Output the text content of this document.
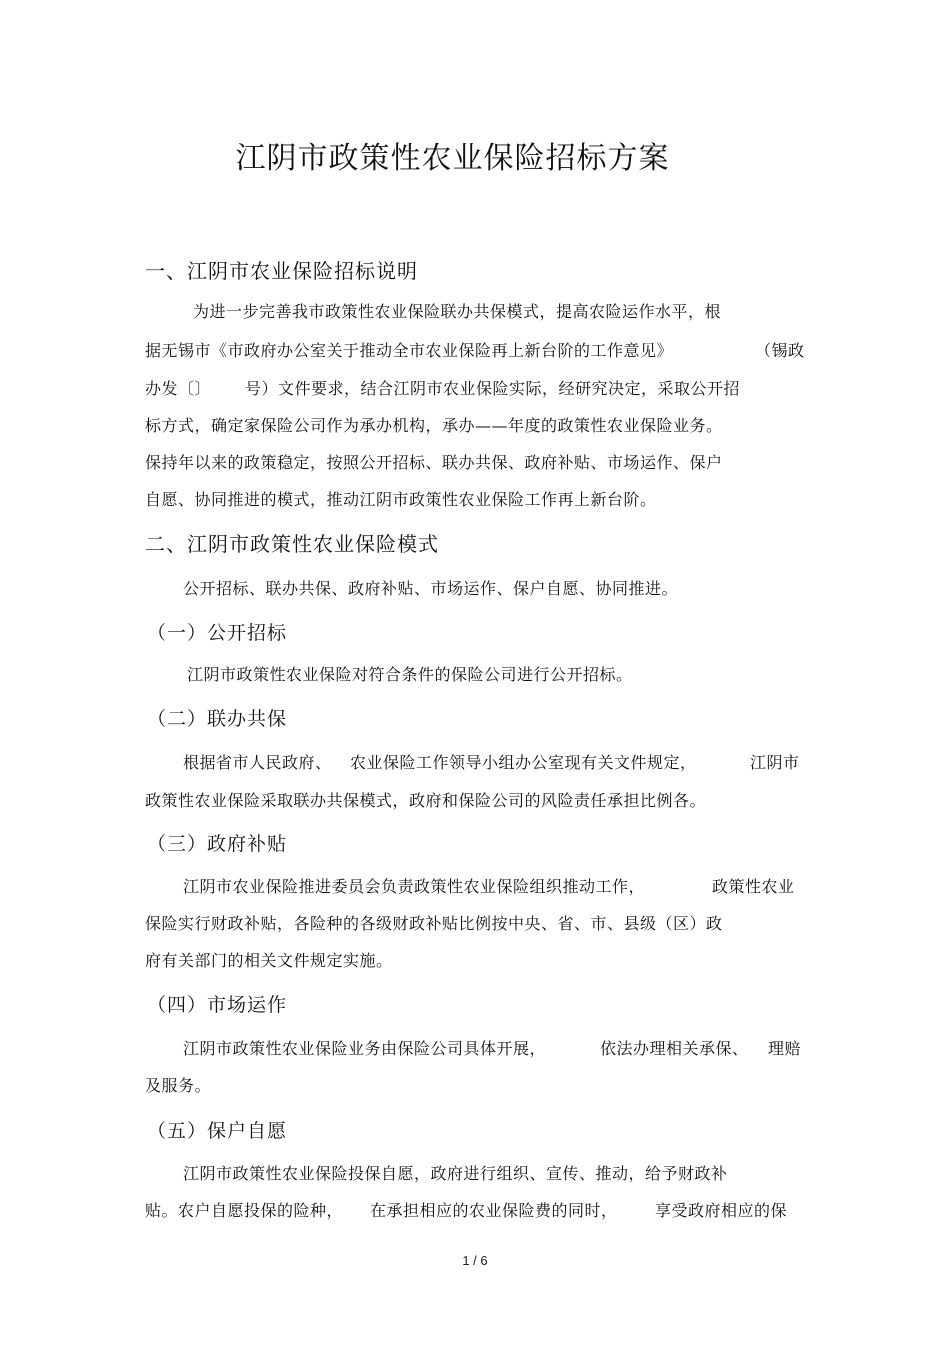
江阴市政策性农业保险招标方案
一、江阴市农业保险招标说明
为进一步完善我市政策性农业保险联办共保模式，提高农险运作水平，根
据无锡市《市政府办公室关于推动全市农业保险再上新台阶的工作意见》	（锡政
办发〔〕 号）文件要求，结合江阴市农业保险实际，经研究决定，采取公开招
标方式，确定家保险公司作为承办机构，承办——年度的政策性农业保险业务。
保持年以来的政策稳定，按照公开招标、联办共保、政府补贴、市场运作、保户
自愿、协同推进的模式，推动江阴市政策性农业保险工作再上新台阶。
二、江阴市政策性农业保险模式
公开招标、联办共保、政府补贴、市场运作、保户自愿、协同推进。
（一）公开招标
江阴市政策性农业保险对符合条件的保险公司进行公开招标。
（二）联办共保
根据省市人民政府、 农业保险工作领导小组办公室现有关文件规定，	江阴市
政策性农业保险采取联办共保模式，政府和保险公司的风险责任承担比例各。
（三）政府补贴
江阴市农业保险推进委员会负责政策性农业保险组织推动工作，	政策性农业
保险实行财政补贴，各险种的各级财政补贴比例按中央、省、市、县级（区）政
府有关部门的相关文件规定实施。
（四）市场运作
江阴市政策性农业保险业务由保险公司具体开展，	依法办理相关承保、 理赔
及服务。
（五）保户自愿
江阴市政策性农业保险投保自愿，政府进行组织、宣传、推动，给予财政补
贴。农户自愿投保的险种， 在承担相应的农业保险费的同时， 享受政府相应的保
1 / 6
